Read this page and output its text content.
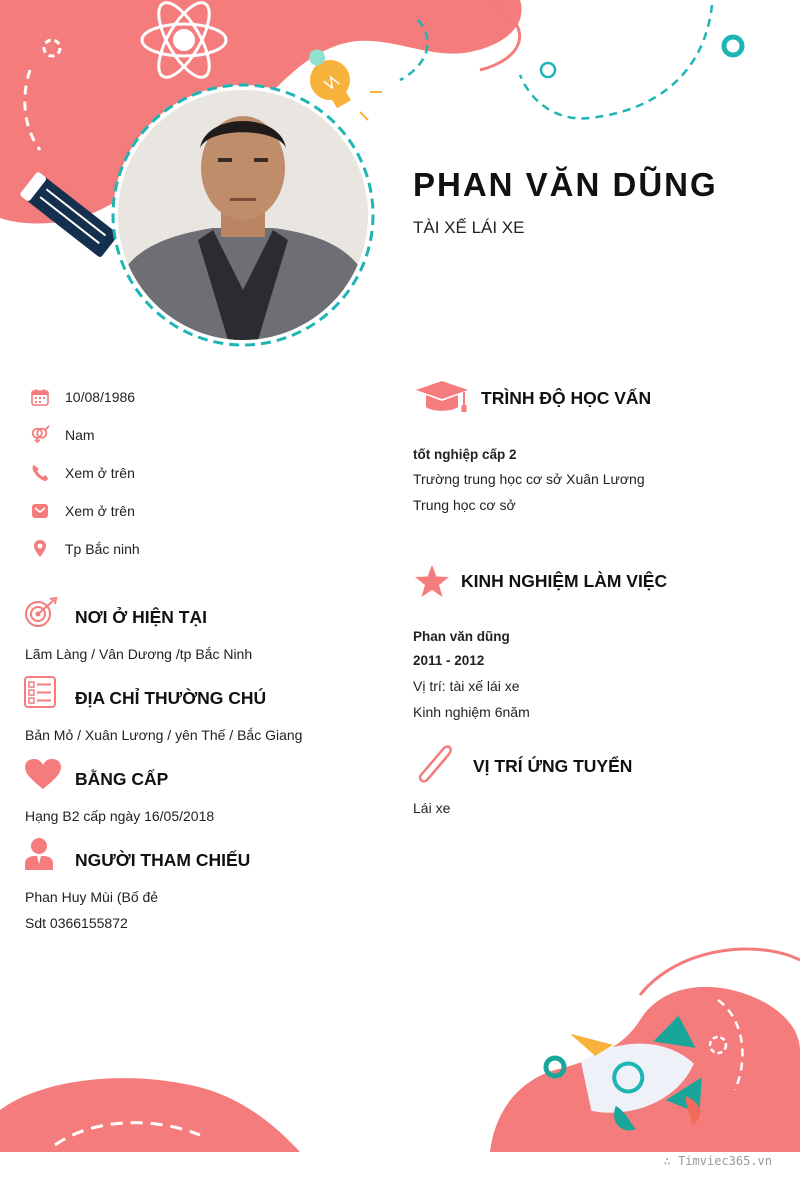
PHAN VĂN DŨNG

TÀI XẾ LÁI XE

10/08/1986
Nam
Xem ở trên
Xem ở trên
Tp Bắc ninh
NƠI Ở HIỆN TẠI
Lãm Làng / Vân Dương /tp Bắc Ninh
ĐỊA CHỈ THƯỜNG CHÚ
Bản Mỏ / Xuân Lương / yên Thế / Bắc Giang
BẰNG CẤP
Hạng B2 cấp ngày 16/05/2018
NGƯỜI THAM CHIẾU
Phan Huy Mùi (Bố đẻ
Sdt 0366155872
TRÌNH ĐỘ HỌC VẤN
tốt nghiệp cấp 2
Trường trung học cơ sở Xuân Lương
Trung học cơ sở
KINH NGHIỆM LÀM VIỆC
Phan văn dũng
2011 - 2012
Vị trí: tài xế lái xe
Kinh nghiệm 6năm
VỊ TRÍ ỨNG TUYỂN
Lái xe
∴ Timviec365.vn
